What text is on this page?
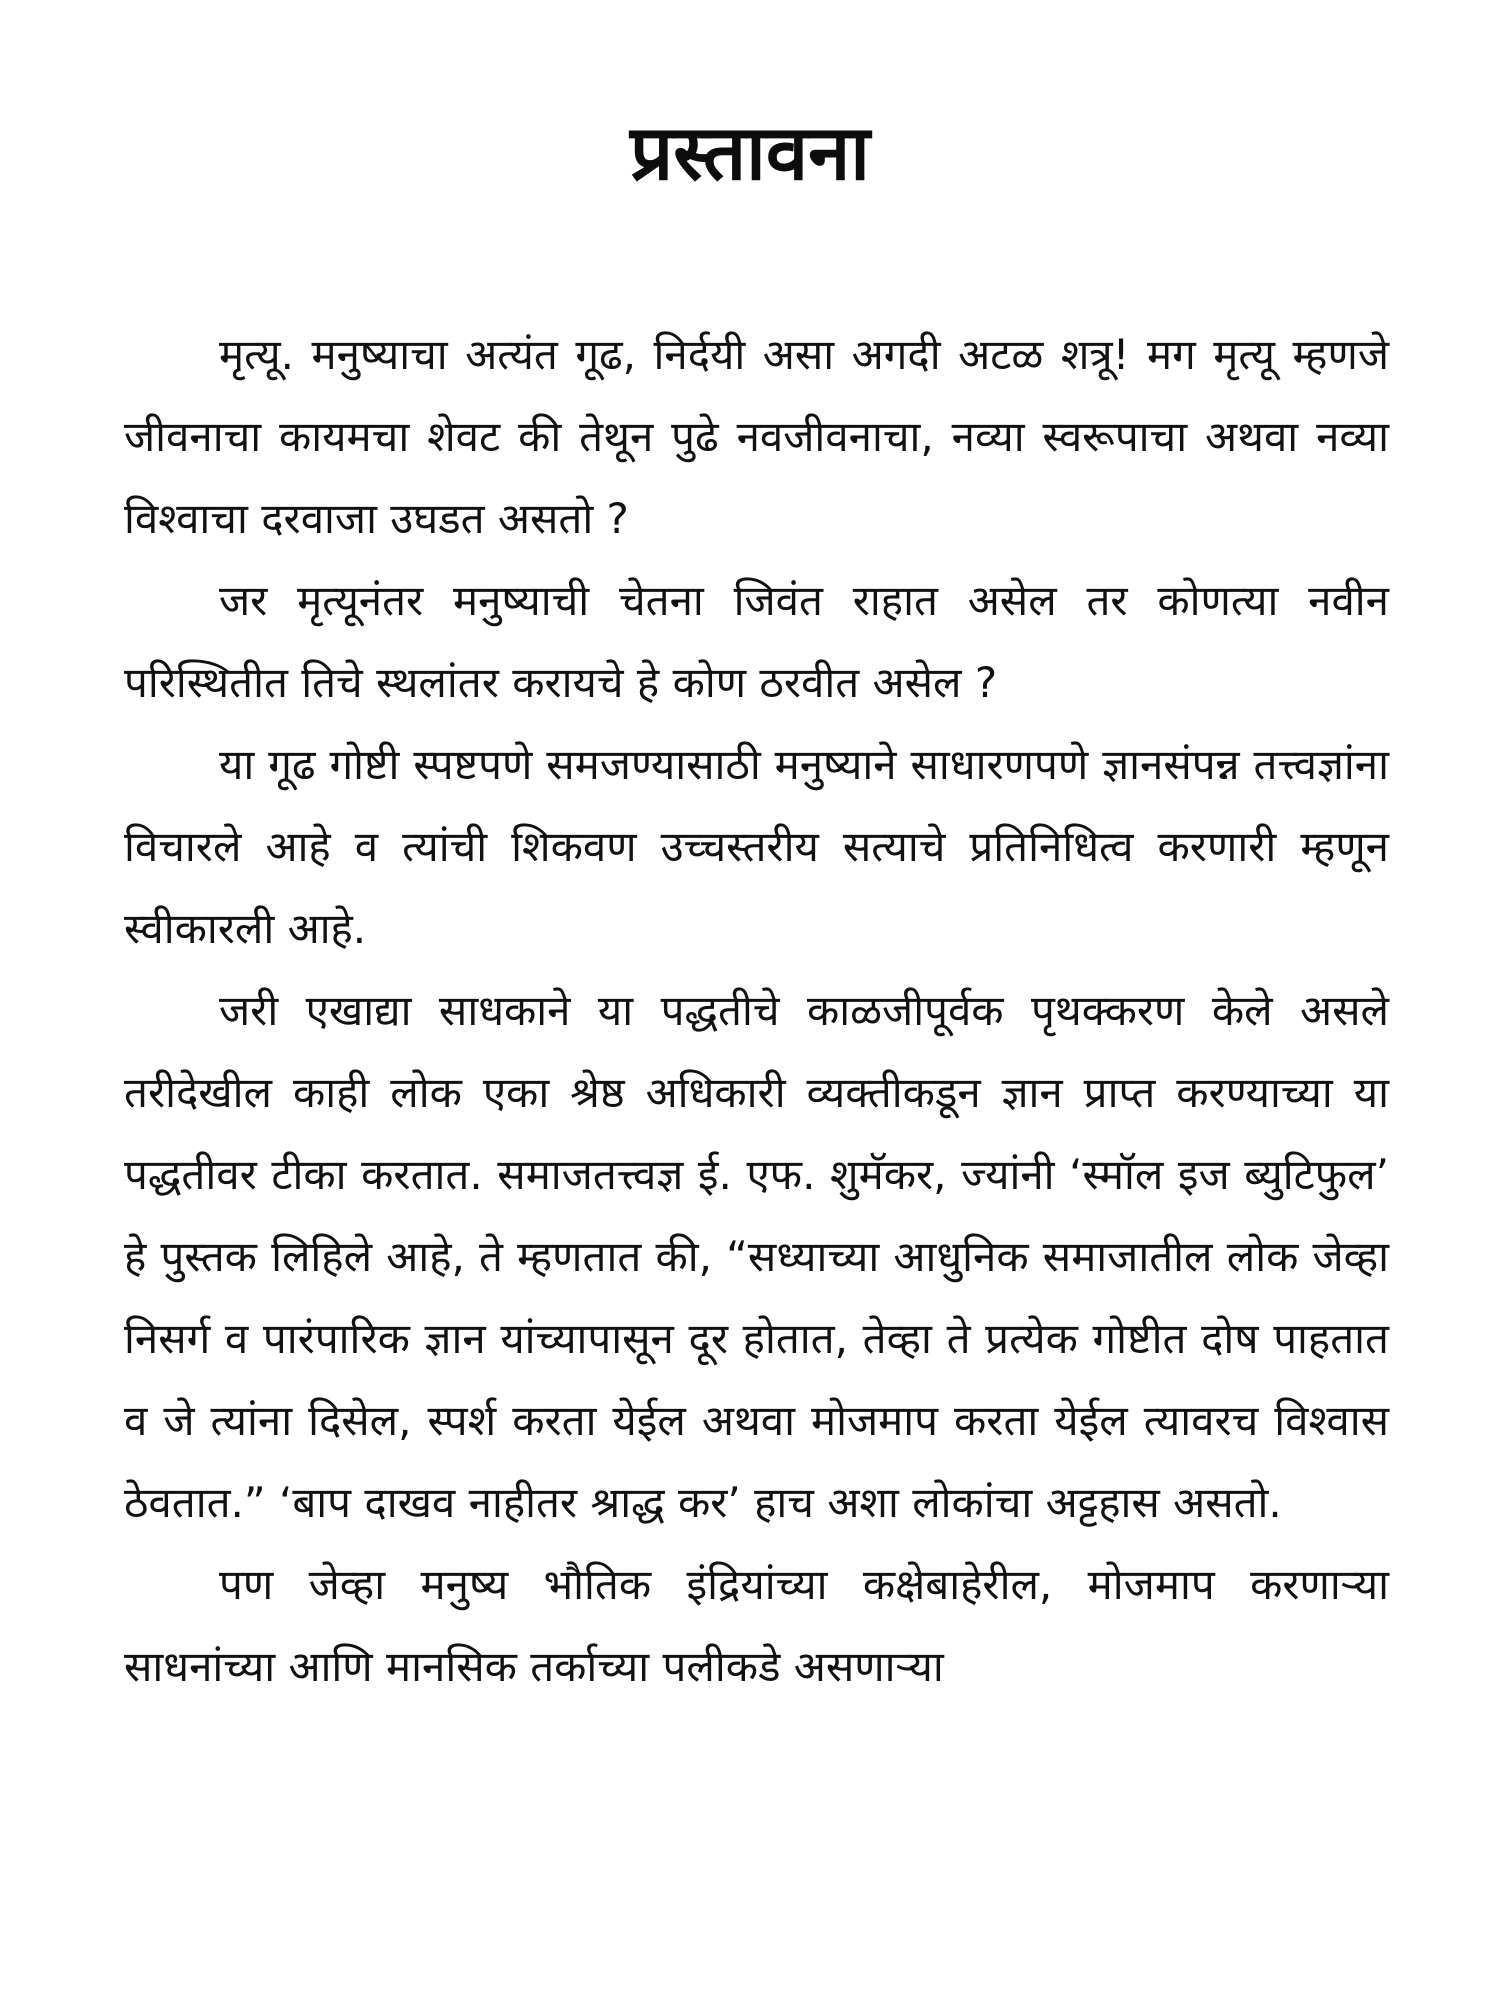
प्रस्तावना

मृत्यू. मनुष्याचा अत्यंत गूढ, निर्दयी असा अगदी अटळ शत्रू! मग मृत्यू म्हणजे जीवनाचा कायमचा शेवट की तेथून पुढे नवजीवनाचा, नव्या स्वरूपाचा अथवा नव्या विश्वाचा दरवाजा उघडत असतो ?

जर मृत्यूनंतर मनुष्याची चेतना जिवंत राहात असेल तर कोणत्या नवीन परिस्थितीत तिचे स्थलांतर करायचे हे कोण ठरवीत असेल ?

या गूढ गोष्टी स्पष्टपणे समजण्यासाठी मनुष्याने साधारणपणे ज्ञानसंपन्न तत्त्वज्ञांना विचारले आहे व त्यांची शिकवण उच्चस्तरीय सत्याचे प्रतिनिधित्व करणारी म्हणून स्वीकारली आहे.

जरी एखाद्या साधकाने या पद्धतीचे काळजीपूर्वक पृथक्करण केले असले तरीदेखील काही लोक एका श्रेष्ठ अधिकारी व्यक्तीकडून ज्ञान प्राप्त करण्याच्या या पद्धतीवर टीका करतात. समाजतत्त्वज्ञ ई. एफ. शुमॅकर, ज्यांनी ‘स्मॉल इज ब्युटिफुल’ हे पुस्तक लिहिले आहे, ते म्हणतात की, “सध्याच्या आधुनिक समाजातील लोक जेव्हा निसर्ग व पारंपारिक ज्ञान यांच्यापासून दूर होतात, तेव्हा ते प्रत्येक गोष्टीत दोष पाहतात व जे त्यांना दिसेल, स्पर्श करता येईल अथवा मोजमाप करता येईल त्यावरच विश्वास ठेवतात.” ‘बाप दाखव नाहीतर श्राद्ध कर’ हाच अशा लोकांचा अट्टहास असतो.

पण जेव्हा मनुष्य भौतिक इंद्रियांच्या कक्षेबाहेरील, मोजमाप करणाऱ्या साधनांच्या आणि मानसिक तर्काच्या पलीकडे असणाऱ्या
